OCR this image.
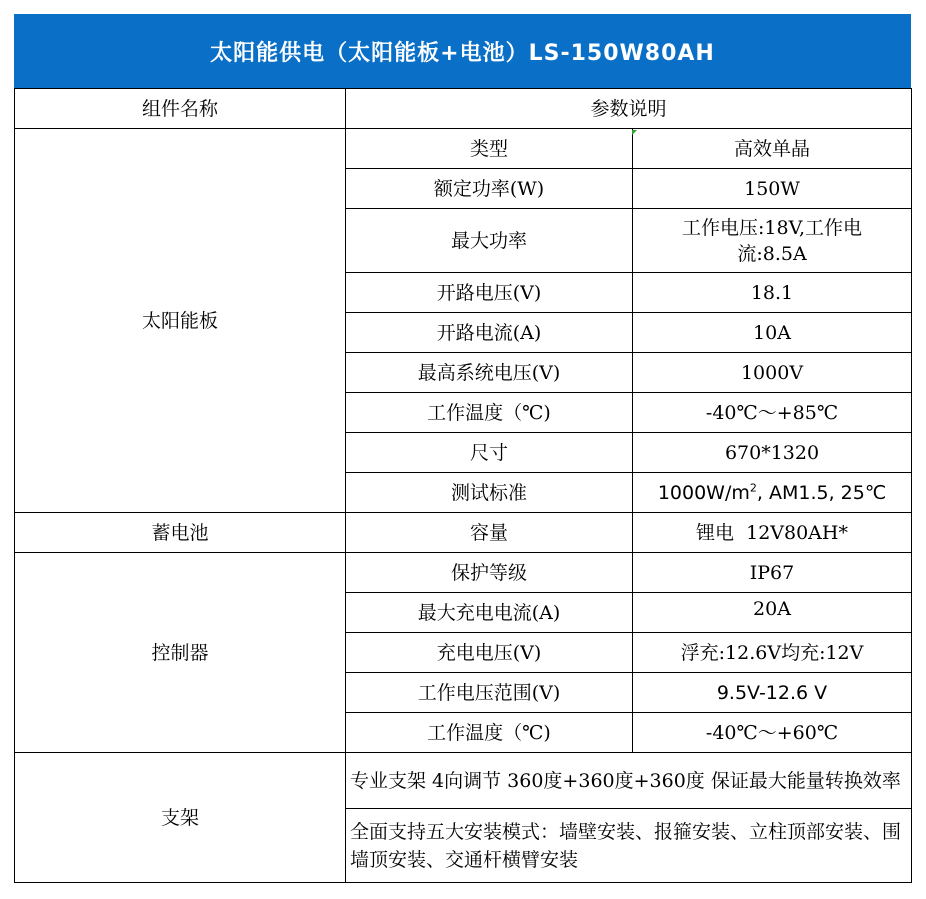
太阳能供电（太阳能板+电池）LS-150W80AH
组件名称	参数说明	
太阳能板	类型	高效单晶
	额定功率(W)	150W
	最大功率	工作电压:18V,工作电流:8.5A
	开路电压(V)	18.1
	开路电流(A)	10A
	最高系统电压(V)	1000V
	工作温度（℃)	-40℃～+85℃
	尺寸	670*1320
	测试标准	$1000W/m^2$, AM1.5, 25℃
蓄电池	容量	锂电  12V80AH*
控制器	保护等级	IP67
	最大充电电流(A)	20A
	充电电压(V)	浮充:12.6V均充:12V
	工作电压范围(V)	9.5V-12.6 V
	工作温度（℃)	-40℃～+60℃
支架	专业支架 4向调节 360度+360度+360度 保证最大能量转换效率	
	全面支持五大安装模式：墙壁安装、报箍安装、立柱顶部安装、围墙顶安装、交通杆横臂安装	
